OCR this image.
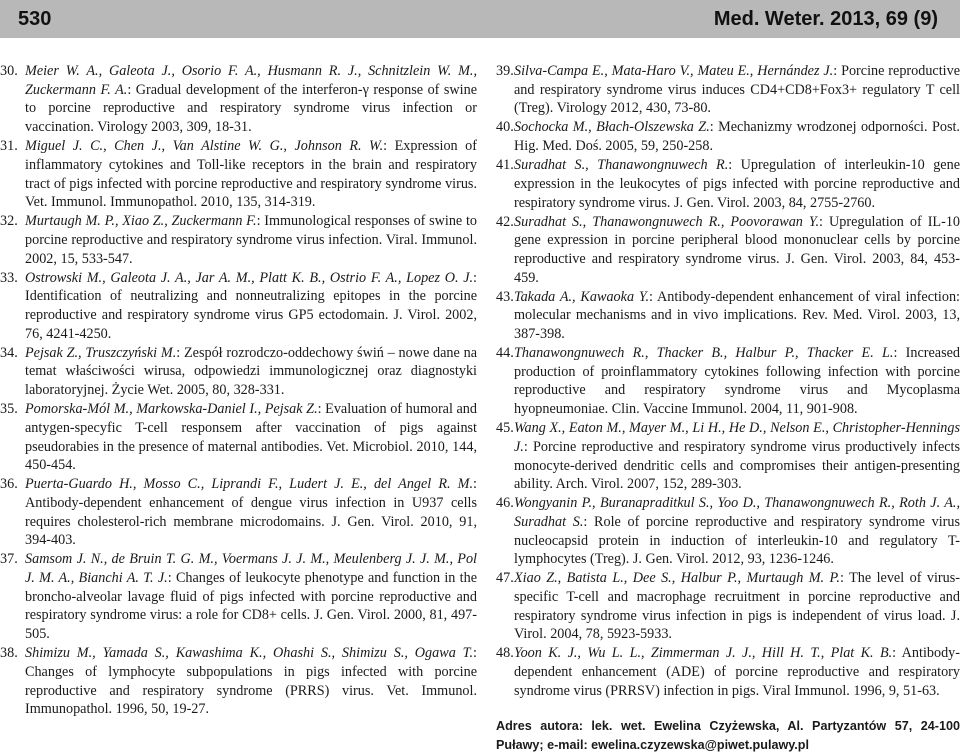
530	Med. Weter. 2013, 69 (9)
30. Meier W. A., Galeota J., Osorio F. A., Husmann R. J., Schnitzlein W. M., Zuckermann F. A.: Gradual development of the interferon-γ response of swine to porcine reproductive and respiratory syndrome virus infection or vaccination. Virology 2003, 309, 18-31.
31. Miguel J. C., Chen J., Van Alstine W. G., Johnson R. W.: Expression of inflammatory cytokines and Toll-like receptors in the brain and respiratory tract of pigs infected with porcine reproductive and respiratory syndrome virus. Vet. Immunol. Immunopathol. 2010, 135, 314-319.
32. Murtaugh M. P., Xiao Z., Zuckermann F.: Immunological responses of swine to porcine reproductive and respiratory syndrome virus infection. Viral. Immunol. 2002, 15, 533-547.
33. Ostrowski M., Galeota J. A., Jar A. M., Platt K. B., Ostrio F. A., Lopez O. J.: Identification of neutralizing and nonneutralizing epitopes in the porcine reproductive and respiratory syndrome virus GP5 ectodomain. J. Virol. 2002, 76, 4241-4250.
34. Pejsak Z., Truszczyński M.: Zespół rozrodczo-oddechowy świń – nowe dane na temat właściwości wirusa, odpowiedzi immunologicznej oraz diagnostyki laboratoryjnej. Życie Wet. 2005, 80, 328-331.
35. Pomorska-Mól M., Markowska-Daniel I., Pejsak Z.: Evaluation of humoral and antygen-specyfic T-cell responsem after vaccination of pigs against pseudorabies in the presence of maternal antibodies. Vet. Microbiol. 2010, 144, 450-454.
36. Puerta-Guardo H., Mosso C., Liprandi F., Ludert J. E., del Angel R. M.: Antibody-dependent enhancement of dengue virus infection in U937 cells requires cholesterol-rich membrane microdomains. J. Gen. Virol. 2010, 91, 394-403.
37. Samsom J. N., de Bruin T. G. M., Voermans J. J. M., Meulenberg J. J. M., Pol J. M. A., Bianchi A. T. J.: Changes of leukocyte phenotype and function in the broncho-alveolar lavage fluid of pigs infected with porcine reproductive and respiratory syndrome virus: a role for CD8+ cells. J. Gen. Virol. 2000, 81, 497-505.
38. Shimizu M., Yamada S., Kawashima K., Ohashi S., Shimizu S., Ogawa T.: Changes of lymphocyte subpopulations in pigs infected with porcine reproductive and respiratory syndrome (PRRS) virus. Vet. Immunol. Immunopathol. 1996, 50, 19-27.
39. Silva-Campa E., Mata-Haro V., Mateu E., Hernández J.: Porcine reproductive and respiratory syndrome virus induces CD4+CD8+Fox3+ regulatory T cell (Treg). Virology 2012, 430, 73-80.
40. Sochocka M., Błach-Olszewska Z.: Mechanizmy wrodzonej odporności. Post. Hig. Med. Doś. 2005, 59, 250-258.
41. Suradhat S., Thanawongnuwech R.: Upregulation of interleukin-10 gene expression in the leukocytes of pigs infected with porcine reproductive and respiratory syndrome virus. J. Gen. Virol. 2003, 84, 2755-2760.
42. Suradhat S., Thanawongnuwech R., Poovorawan Y.: Upregulation of IL-10 gene expression in porcine peripheral blood mononuclear cells by porcine reproductive and respiratory syndrome virus. J. Gen. Virol. 2003, 84, 453-459.
43. Takada A., Kawaoka Y.: Antibody-dependent enhancement of viral infection: molecular mechanisms and in vivo implications. Rev. Med. Virol. 2003, 13, 387-398.
44. Thanawongnuwech R., Thacker B., Halbur P., Thacker E. L.: Increased production of proinflammatory cytokines following infection with porcine reproductive and respiratory syndrome virus and Mycoplasma hyopneumoniae. Clin. Vaccine Immunol. 2004, 11, 901-908.
45. Wang X., Eaton M., Mayer M., Li H., He D., Nelson E., Christopher-Hennings J.: Porcine reproductive and respiratory syndrome virus productively infects monocyte-derived dendritic cells and compromises their antigen-presenting ability. Arch. Virol. 2007, 152, 289-303.
46. Wongyanin P., Buranapraditkul S., Yoo D., Thanawongnuwech R., Roth J. A., Suradhat S.: Role of porcine reproductive and respiratory syndrome virus nucleocapsid protein in induction of interleukin-10 and regulatory T-lymphocytes (Treg). J. Gen. Virol. 2012, 93, 1236-1246.
47. Xiao Z., Batista L., Dee S., Halbur P., Murtaugh M. P.: The level of virus-specific T-cell and macrophage recruitment in porcine reproductive and respiratory syndrome virus infection in pigs is independent of virus load. J. Virol. 2004, 78, 5923-5933.
48. Yoon K. J., Wu L. L., Zimmerman J. J., Hill H. T., Plat K. B.: Antibody-dependent enhancement (ADE) of porcine reproductive and respiratory syndrome virus (PRRSV) infection in pigs. Viral Immunol. 1996, 9, 51-63.
Adres autora: lek. wet. Ewelina Czyżewska, Al. Partyzantów 57, 24-100 Puławy; e-mail: ewelina.czyzewska@piwet.pulawy.pl
